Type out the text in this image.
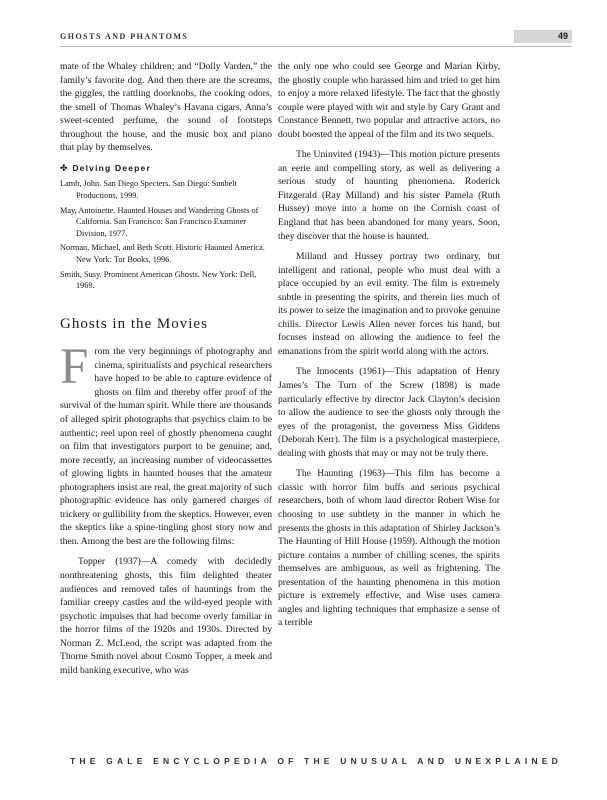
GHOSTS AND PHANTOMS	49

mate of the Whaley children; and “Dolly Varden,” the family’s favorite dog. And then there are the screams, the giggles, the rattling doorknobs, the cooking odors, the smell of Thomas Whaley’s Havana cigars, Anna’s sweet-scented perfume, the sound of footsteps throughout the house, and the music box and piano that play by themselves.

✤ Delving Deeper
Lamb, John. San Diego Specters. San Diego: Sunbelt Productions, 1999.
May, Antoinette. Haunted Houses and Wandering Ghosts of California. San Francisco: San Francisco Examiner Division, 1977.
Norman, Michael, and Beth Scott. Historic Haunted America. New York: Tor Books, 1996.
Smith, Susy. Prominent American Ghosts. New York: Dell, 1969.
Ghosts in the Movies

From the very beginnings of photography and cinema, spiritualists and psychical researchers have hoped to be able to capture evidence of ghosts on film and thereby offer proof of the survival of the human spirit. While there are thousands of alleged spirit photographs that psychics claim to be authentic; reel upon reel of ghostly phenomena caught on film that investigators purport to be genuine; and, more recently, an increasing number of videocassettes of glowing lights in haunted houses that the amateur photographers insist are real, the great majority of such photographic evidence has only garnered charges of trickery or gullibility from the skeptics. However, even the skeptics like a spine-tingling ghost story now and then. Among the best are the following films:

Topper (1937)—A comedy with decidedly nonthreatening ghosts, this film delighted theater audiences and removed tales of hauntings from the familiar creepy castles and the wild-eyed people with psychotic impulses that had become overly familiar in the horror films of the 1920s and 1930s. Directed by Norman Z. McLeod, the script was adapted from the Thorne Smith novel about Cosmo Topper, a meek and mild banking executive, who was

the only one who could see George and Marian Kirby, the ghostly couple who harassed him and tried to get him to enjoy a more relaxed lifestyle. The fact that the ghostly couple were played with wit and style by Cary Grant and Constance Bennett, two popular and attractive actors, no doubt boosted the appeal of the film and its two sequels.

The Uninvited (1943)—This motion picture presents an eerie and compelling story, as well as delivering a serious study of haunting phenomena. Roderick Fitzgerald (Ray Milland) and his sister Pamela (Ruth Hussey) move into a home on the Cornish coast of England that has been abandoned for many years. Soon, they discover that the house is haunted.

Milland and Hussey portray two ordinary, but intelligent and rational, people who must deal with a place occupied by an evil entity. The film is extremely subtle in presenting the spirits, and therein lies much of its power to seize the imagination and to provoke genuine chills. Director Lewis Allen never forces his hand, but focuses instead on allowing the audience to feel the emanations from the spirit world along with the actors.

The Innocents (1961)—This adaptation of Henry James’s The Turn of the Screw (1898) is made particularly effective by director Jack Clayton’s decision to allow the audience to see the ghosts only through the eyes of the protagonist, the governess Miss Giddens (Deborah Kerr). The film is a psychological masterpiece, dealing with ghosts that may or may not be truly there.

The Haunting (1963)—This film has become a classic with horror film buffs and serious psychical researchers, both of whom laud director Robert Wise for choosing to use subtlety in the manner in which he presents the ghosts in this adaptation of Shirley Jackson’s The Haunting of Hill House (1959). Although the motion picture contains a number of chilling scenes, the spirits themselves are ambiguous, as well as frightening. The presentation of the haunting phenomena in this motion picture is extremely effective, and Wise uses camera angles and lighting techniques that emphasize a sense of a terrible

THE GALE ENCYCLOPEDIA OF THE UNUSUAL AND UNEXPLAINED
